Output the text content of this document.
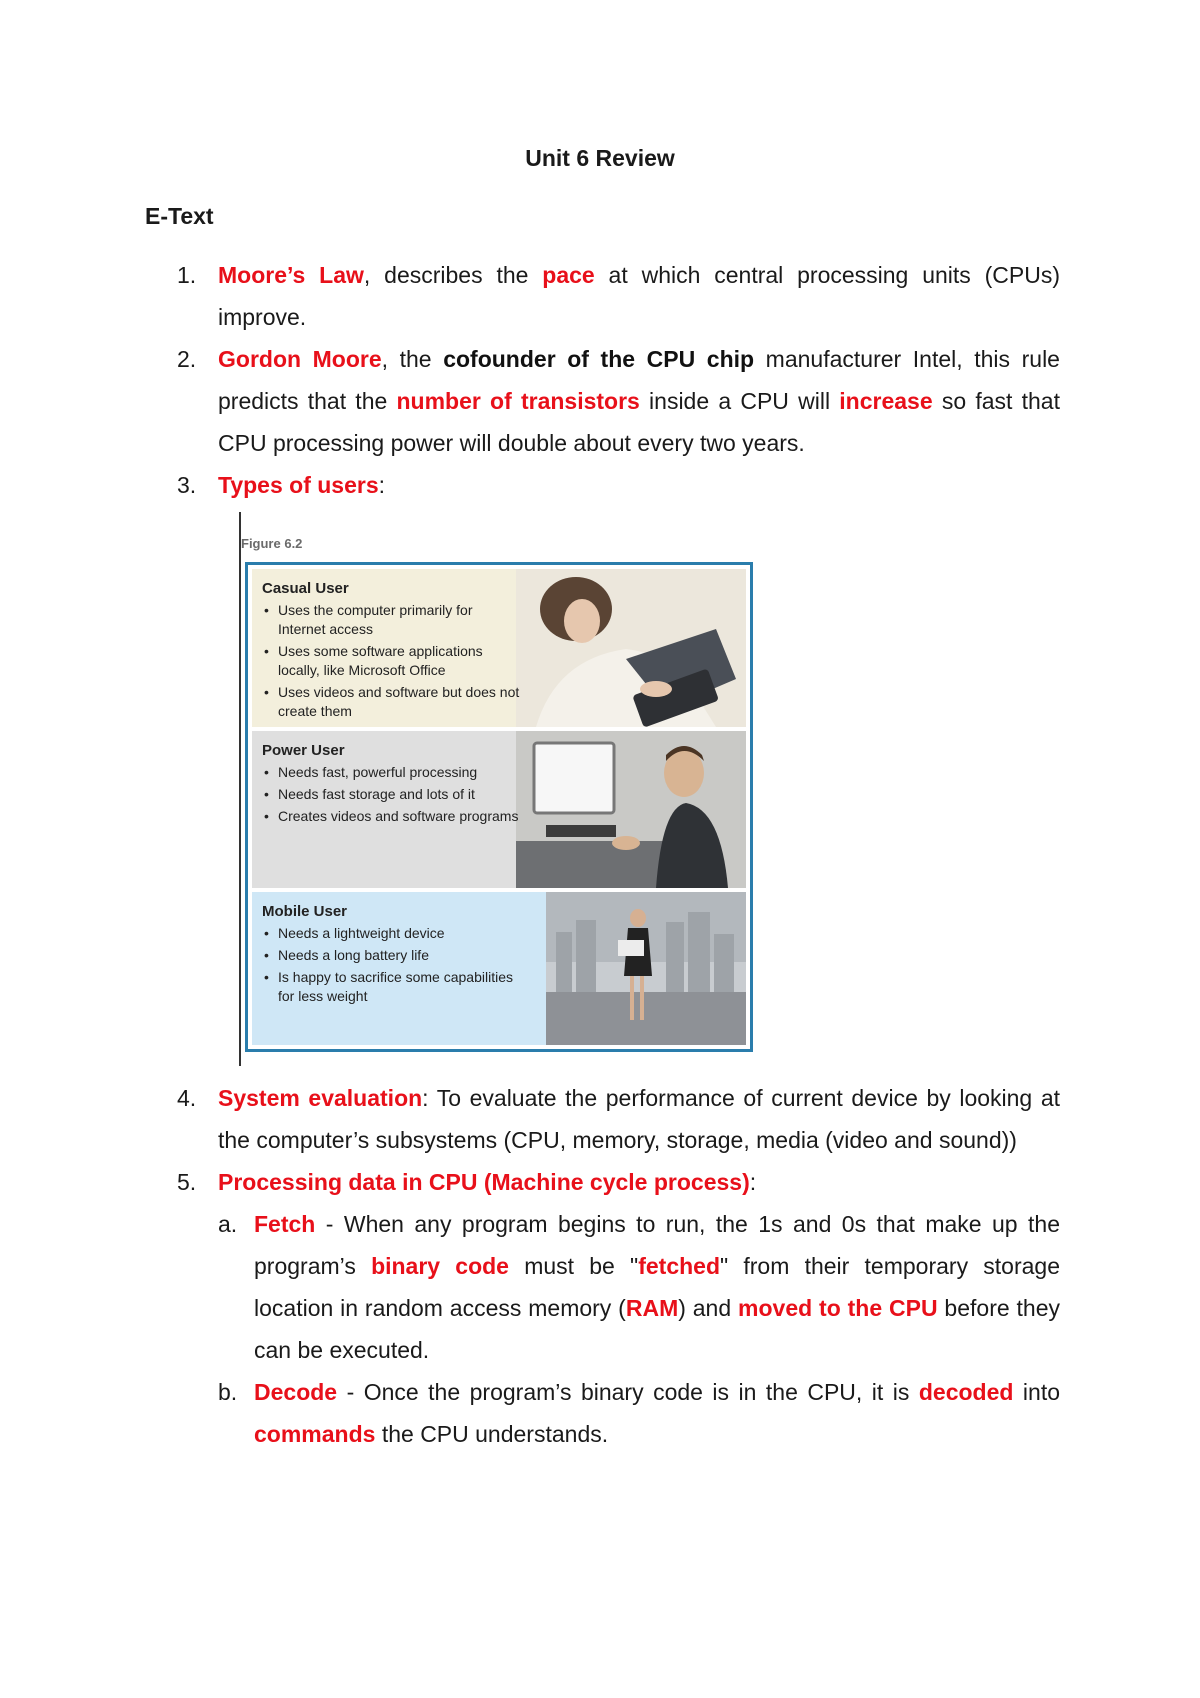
Unit 6 Review
E-Text
1. Moore’s Law, describes the pace at which central processing units (CPUs) improve.
2. Gordon Moore, the cofounder of the CPU chip manufacturer Intel, this rule predicts that the number of transistors inside a CPU will increase so fast that CPU processing power will double about every two years.
3. Types of users:
Figure 6.2
Casual User
• Uses the computer primarily for Internet access
• Uses some software applications locally, like Microsoft Office
• Uses videos and software but does not create them
Power User
• Needs fast, powerful processing
• Needs fast storage and lots of it
• Creates videos and software programs
Mobile User
• Needs a lightweight device
• Needs a long battery life
• Is happy to sacrifice some capabilities for less weight
4. System evaluation: To evaluate the performance of current device by looking at the computer’s subsystems (CPU, memory, storage, media (video and sound))
5. Processing data in CPU (Machine cycle process):
a. Fetch - When any program begins to run, the 1s and 0s that make up the program’s binary code must be "fetched" from their temporary storage location in random access memory (RAM) and moved to the CPU before they can be executed.
b. Decode - Once the program’s binary code is in the CPU, it is decoded into commands the CPU understands.
